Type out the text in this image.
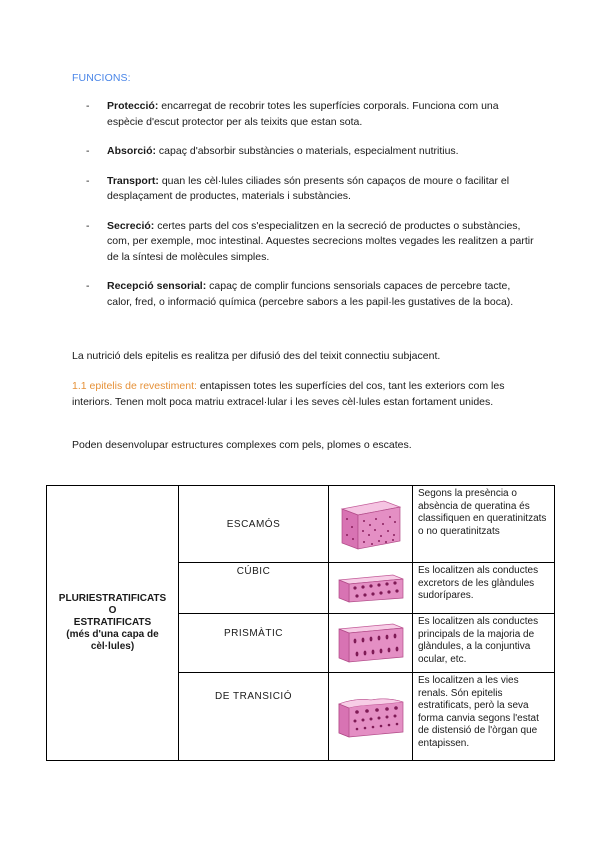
FUNCIONS:
- Protecció: encarregat de recobrir totes les superfícies corporals. Funciona com una espècie d'escut protector per als teixits que estan sota.
- Absorció: capaç d'absorbir substàncies o materials, especialment nutritius.
- Transport: quan les cèl·lules ciliades són presents són capaços de moure o facilitar el desplaçament de productes, materials i substàncies.
- Secreció: certes parts del cos s'especialitzen en la secreció de productes o substàncies, com, per exemple, moc intestinal. Aquestes secrecions moltes vegades les realitzen a partir de la síntesi de molècules simples.
- Recepció sensorial: capaç de complir funcions sensorials capaces de percebre tacte, calor, fred, o informació química (percebre sabors a les papil·les gustatives de la boca).

La nutrició dels epitelis es realitza per difusió des del teixit connectiu subjacent.

1.1 epitelis de revestiment: entapissen totes les superfícies del cos, tant les exteriors com les interiors. Tenen molt poca matriu extracel·lular i les seves cèl·lules estan fortament unides.

Poden desenvolupar estructures complexes com pels, plomes o escates.

PLURIESTRATIFICATS
O
ESTRATIFICATS
(més d'una capa de
cèl·lules)	ESCAMÓS		Segons la presència o absència de queratina és classifiquen en queratinitzats o no queratinitzats
	CÚBIC		Es localitzen als conductes excretors de les glàndules sudorípares.
	PRISMÀTIC		Es localitzen als conductes principals de la majoria de glàndules, a la conjuntiva ocular, etc.
	DE TRANSICIÓ		Es localitzen a les vies renals. Són epitelis estratificats, però la seva forma canvia segons l'estat de distensió de l'òrgan que entapissen.
